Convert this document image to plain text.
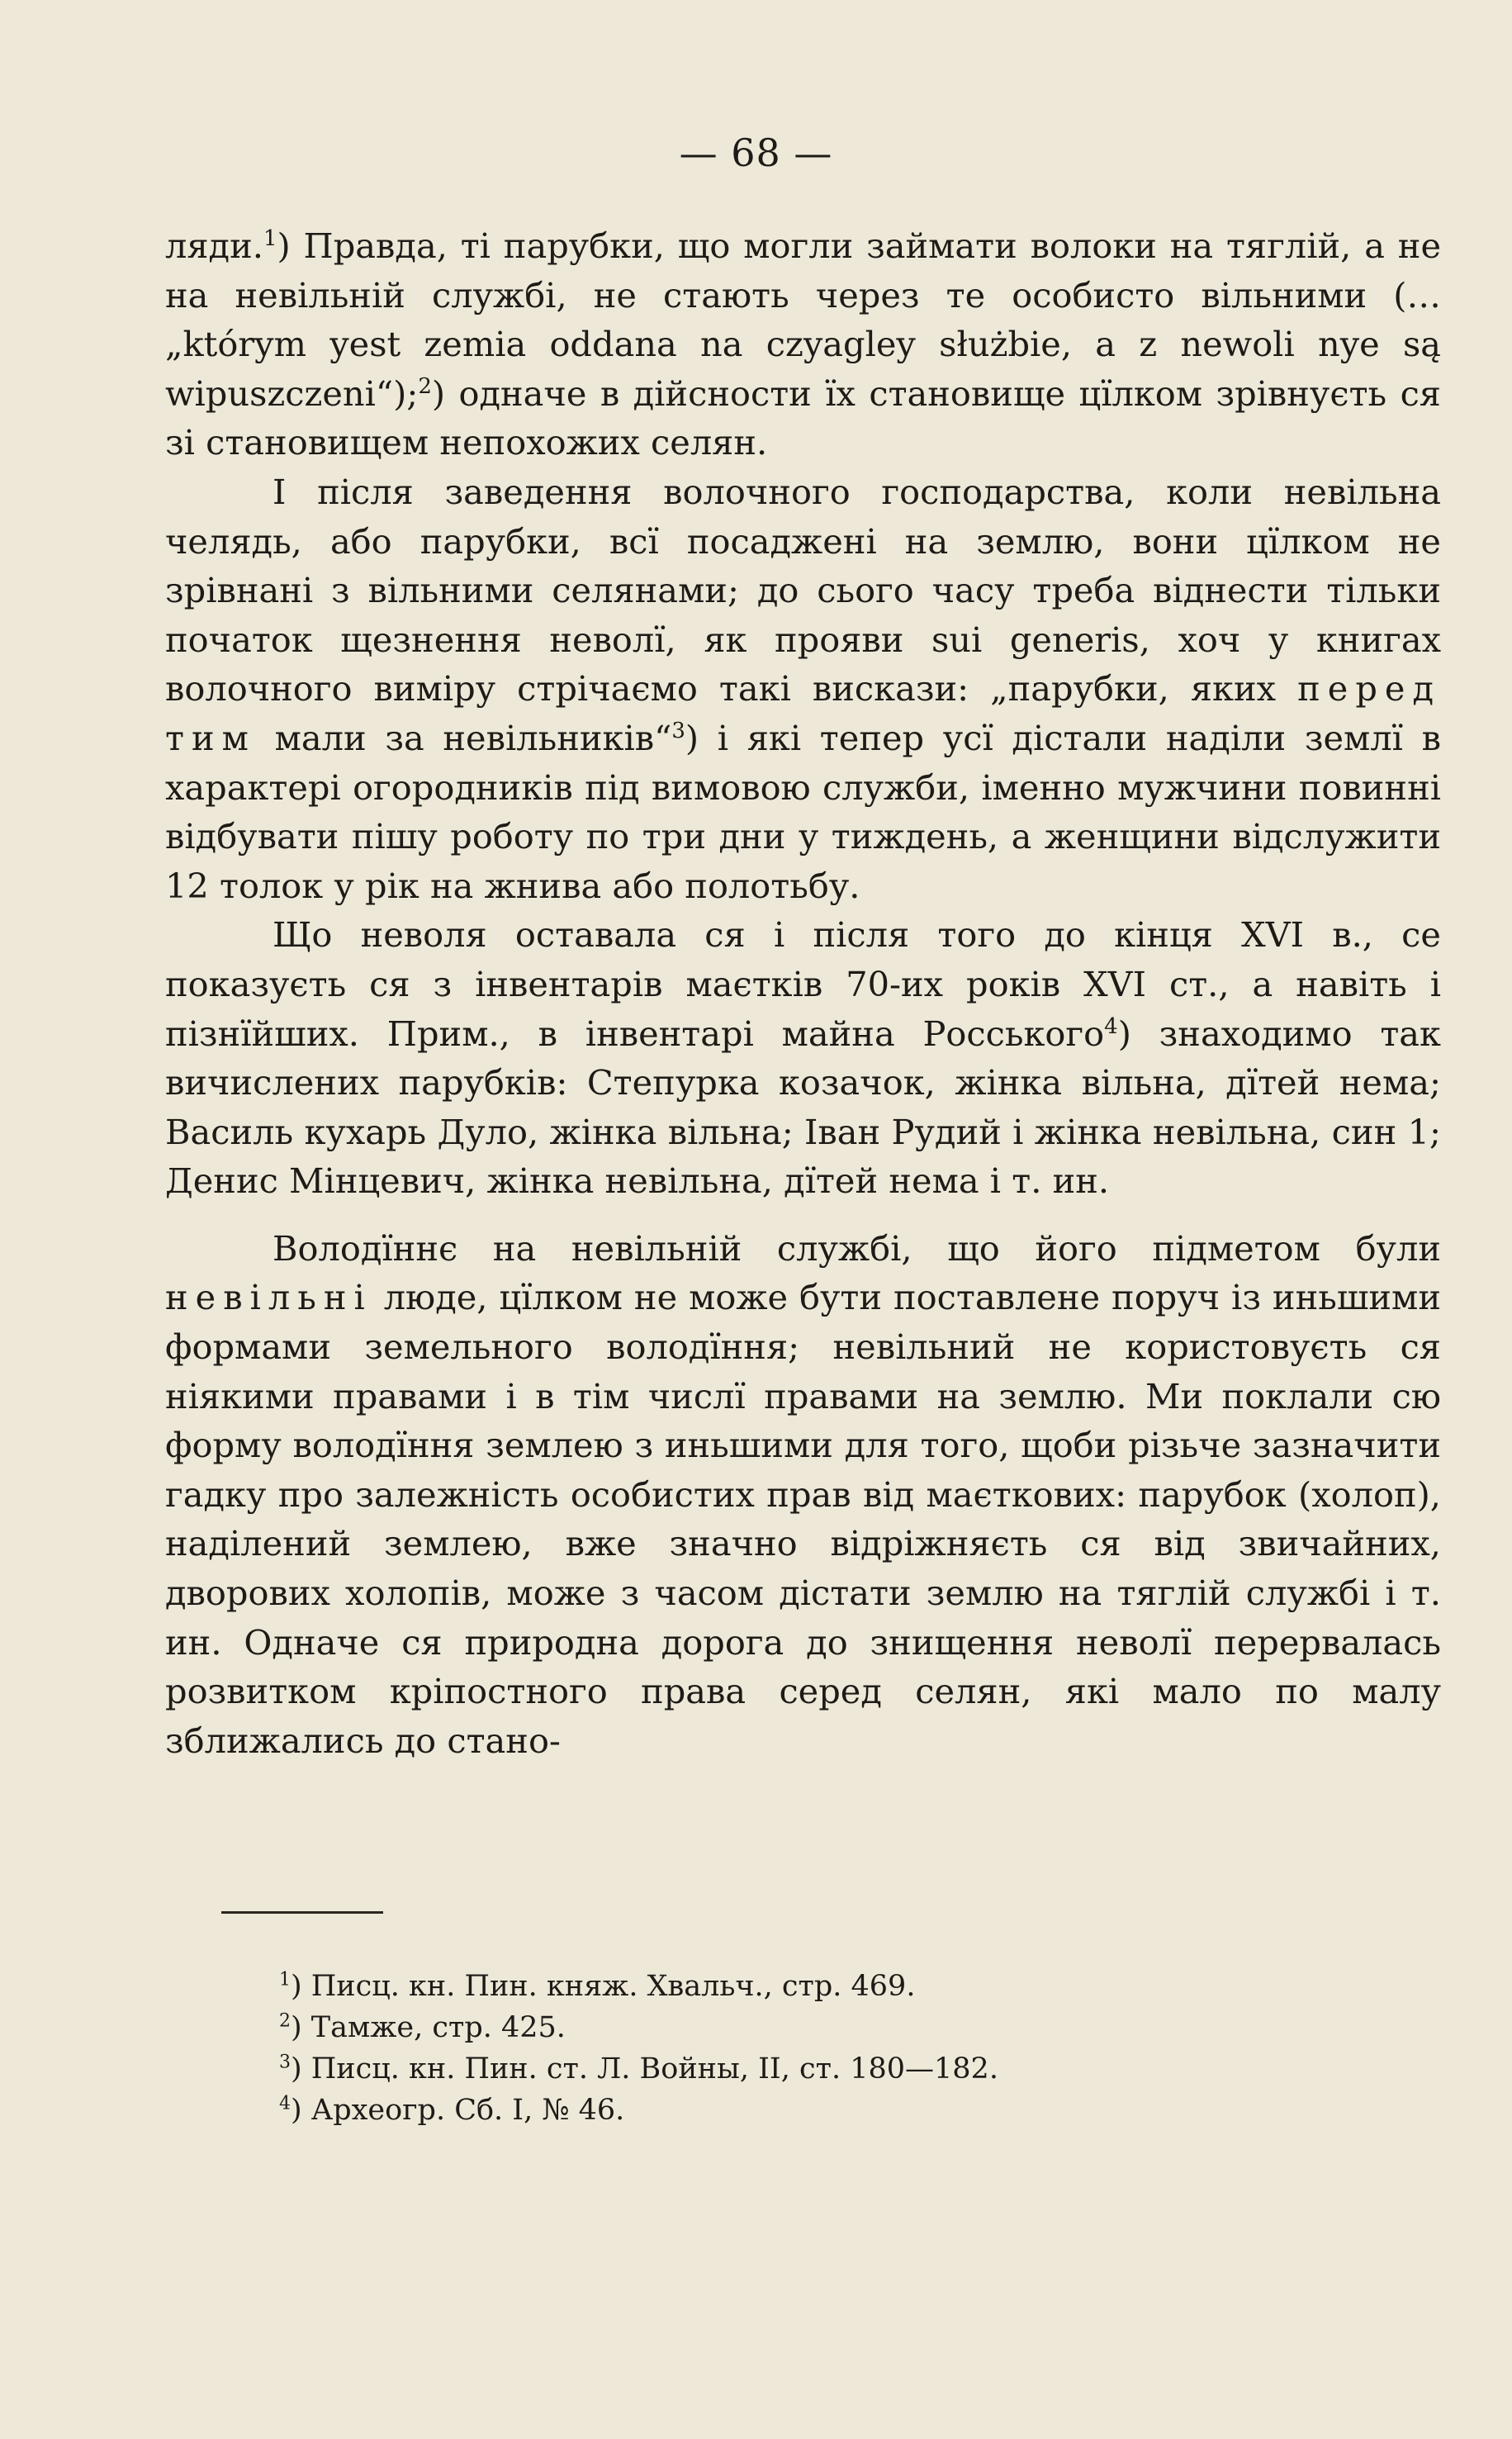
— 68 —

ляди.$^1$) Правда, ті парубки, що могли займати волоки на тяглій, а не на невільній службі, не стають через те особисто вільними (…„którym yest zemia oddana na czyagley służbie, a z newoli nye są wipuszczeni“);$^2$) одначе в дійсности їх становище цїлком зрівнуєть ся зі становищем непохожих селян.

І після заведення волочного господарства, коли невільна челядь, або парубки, всї посаджені на землю, вони цїлком не зрівнані з вільними селянами; до сього часу треба віднести тільки початок щезнення неволї, як прояви sui generis, хоч у книгах волочного виміру стрічаємо такі вискази: „парубки, яких перед тим мали за невільників“$^3$) і які тепер усї дістали наділи землї в характері огородників під вимовою служби, іменно мужчини повинні відбувати пішу роботу по три дни у тиждень, а женщини відслужити 12 толок у рік на жнива або полотьбу.

Що неволя оставала ся і після того до кінця XVI в., се показуєть ся з інвентарів маєтків 70-их років XVI ст., а навіть і пізнїйших. Прим., в інвентарі майна Росського$^4$) знаходимо так вичислених парубків: Степурка козачок, жінка вільна, дїтей нема; Василь кухарь Дуло, жінка вільна; Іван Рудий і жінка невільна, син 1; Денис Мінцевич, жінка невільна, дїтей нема і т. ин.

Володїннє на невільній службі, що його підметом були невільні люде, цїлком не може бути поставлене поруч із иньшими формами земельного володїння; невільний не користовуєть ся ніякими правами і в тім числї правами на землю. Ми поклали сю форму володїння землею з иньшими для того, щоби різьче зазначити гадку про залежність особистих прав від маєткових: парубок (холоп), наділений землею, вже значно відріжняєть ся від звичайних, дворових холопів, може з часом дістати землю на тяглій службі і т. ин. Одначе ся природна дорога до знищення неволї перервалась розвитком кріпостного права серед селян, які мало по малу зближались до стано-

$^1$) Писц. кн. Пин. княж. Хвальч., стр. 469.
$^2$) Тамже, стр. 425.
$^3$) Писц. кн. Пин. ст. Л. Войны, II, ст. 180—182.
$^4$) Археогр. Сб. I, № 46.
